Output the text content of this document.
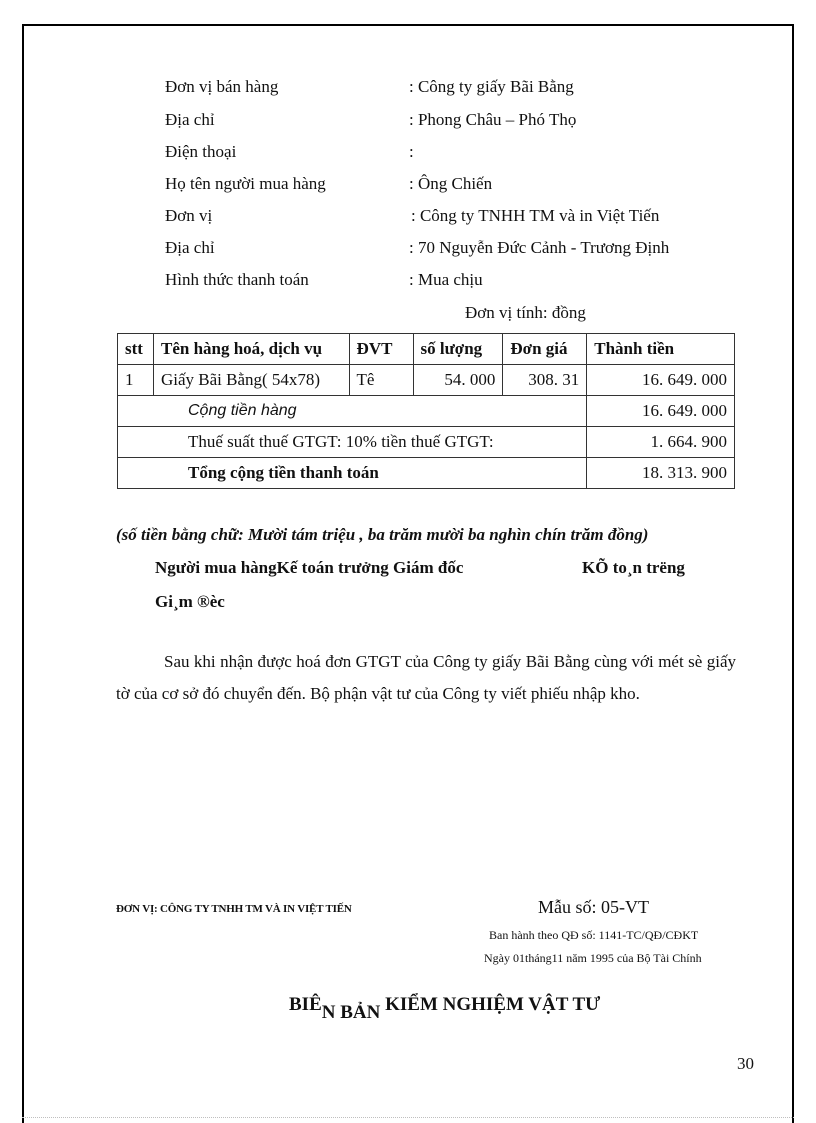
Đơn vị bán hàng	: Công ty giấy Bãi Bằng
Địa chỉ	: Phong Châu – Phó Thọ
Điện thoại	:
Họ tên người mua hàng	: Ông Chiến
Đơn vị	: Công ty TNHH TM và in Việt Tiến
Địa chỉ	: 70 Nguyễn Đức Cảnh - Trương Định
Hình thức thanh toán	: Mua chịu
Đơn vị tính: đồng
stt	Tên hàng hoá, dịch vụ	ĐVT	số lượng	Đơn giá	Thành tiền
1	Giấy Bãi Bằng( 54x78)	Tê	54. 000	308. 31	16. 649. 000
Cộng tiền hàng					16. 649. 000
Thuế suất thuế GTGT: 10% tiền thuế GTGT:					1. 664. 900
Tổng cộng tiền thanh toán					18. 313. 900
(số tiền bằng chữ: Mười tám triệu , ba trăm mười ba nghìn chín trăm đồng)
Người mua hàngKế toán trưởng Giám đốc	KÕ to¸n trëng
Gi¸m ®èc
Sau khi nhận được hoá đơn GTGT của Công ty giấy Bãi Bằng cùng với mét sè giấy tờ của cơ sở đó chuyển đến. Bộ phận vật tư của Công ty viết phiếu nhập kho.
ĐƠN VỊ: CÔNG TY TNHH TM VÀ IN VIỆT TIẾN	Mẫu số: 05-VT
Ban hành theo QĐ số: 1141-TC/QĐ/CĐKT
Ngày 01tháng11 năm 1995 của Bộ Tài Chính
BIÊN BẢN KIỂM NGHIỆM VẬT TƯ
30
